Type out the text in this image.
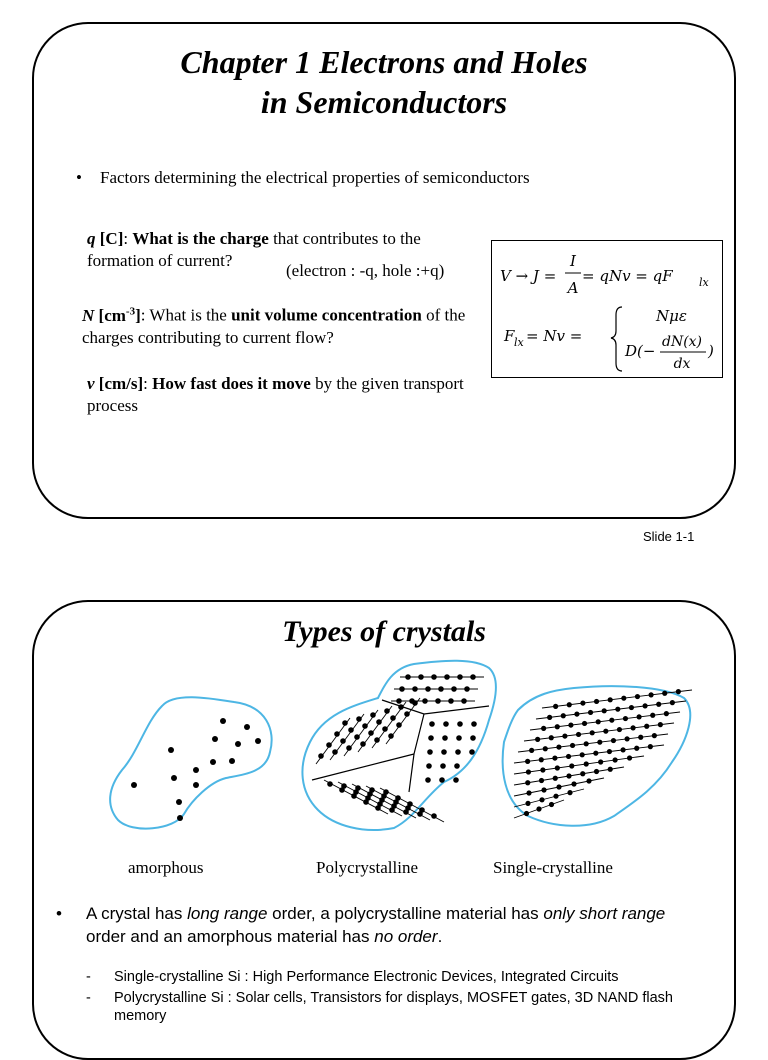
Chapter 1 Electrons and Holes
in Semiconductors
• Factors determining the electrical properties of semiconductors
q [C]: What is the charge that contributes to the formation of current?
(electron : -q, hole :+q)
N $[cm^{-3}]$: What is the unit volume concentration of the charges contributing to current flow?
v [cm/s]: How fast does it move by the given transport process
V → J =
I
A
= qNv = qF lx
F lx = Nv =
Nμε
D(− dN(x)
dx
)
Slide 1-1
Types of crystals
amorphous	Polycrystalline	Single-crystalline
• A crystal has long range order, a polycrystalline material has only short range order and an amorphous material has no order.
- Single-crystalline Si : High Performance Electronic Devices, Integrated Circuits
- Polycrystalline Si : Solar cells, Transistors for displays, MOSFET gates, 3D NAND flash memory
